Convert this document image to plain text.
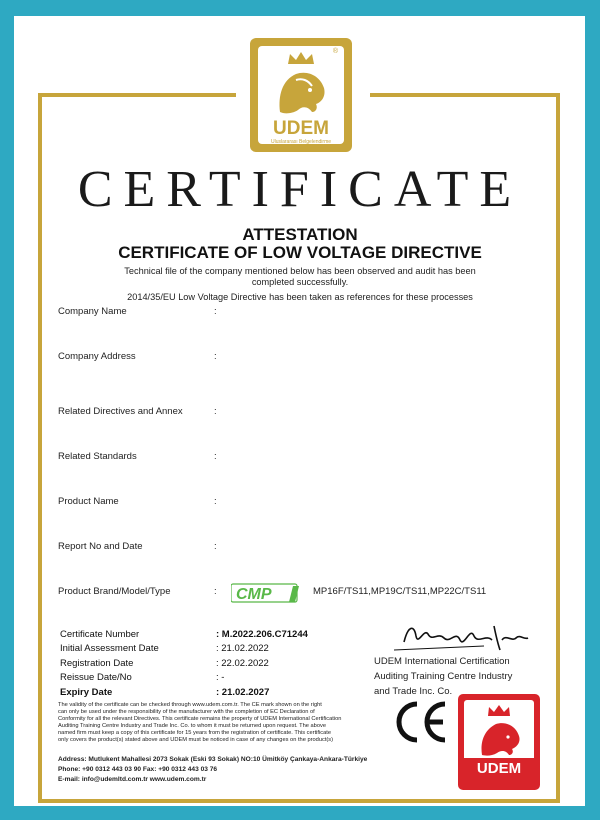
®
UDEM
Uluslararası Belgelendirme
CERTIFICATE
ATTESTATION
CERTIFICATE OF LOW VOLTAGE DIRECTIVE
Technical file of the company mentioned below has been observed and audit has been
completed successfully.
2014/35/EU Low Voltage Directive has been taken as references for these processes
Company Name	:
Company Address	:
Related Directives and Annex	:
Related Standards	:
Product Name	:
Report No and Date	:
Product Brand/Model/Type	: CMP	MP16F/TS11,MP19C/TS11,MP22C/TS11
Certificate Number	: M.2022.206.C71244
Initial Assessment Date	: 21.02.2022
Registration Date	: 22.02.2022
Reissue Date/No	: -
Expiry Date	: 21.02.2027
UDEM International Certification
Auditing Training Centre Industry
and Trade Inc. Co.
The validity of the certificate can be checked through www.udem.com.tr. The CE mark shown on the right
can only be used under the responsibility of the manufacturer with the completion of EC Declaration of
Conformity for all the relevant Directives. This certificate remains the property of UDEM International Certification
Auditing Training Centre Industry and Trade Inc. Co. to whom it must be returned upon request. The above
named firm must keep a copy of this certificate for 15 years from the registration of certificate. This certificate
only covers the product(s) stated above and UDEM must be noticed in case of any changes on the product(s)
Address: Mutlukent Mahallesi 2073 Sokak (Eski 93 Sokak) NO:10 Ümitköy Çankaya-Ankara-Türkiye
Phone: +90 0312 443 03 90 Fax: +90 0312 443 03 76
E-mail: info@udemltd.com.tr www.udem.com.tr
CE
UDEM
